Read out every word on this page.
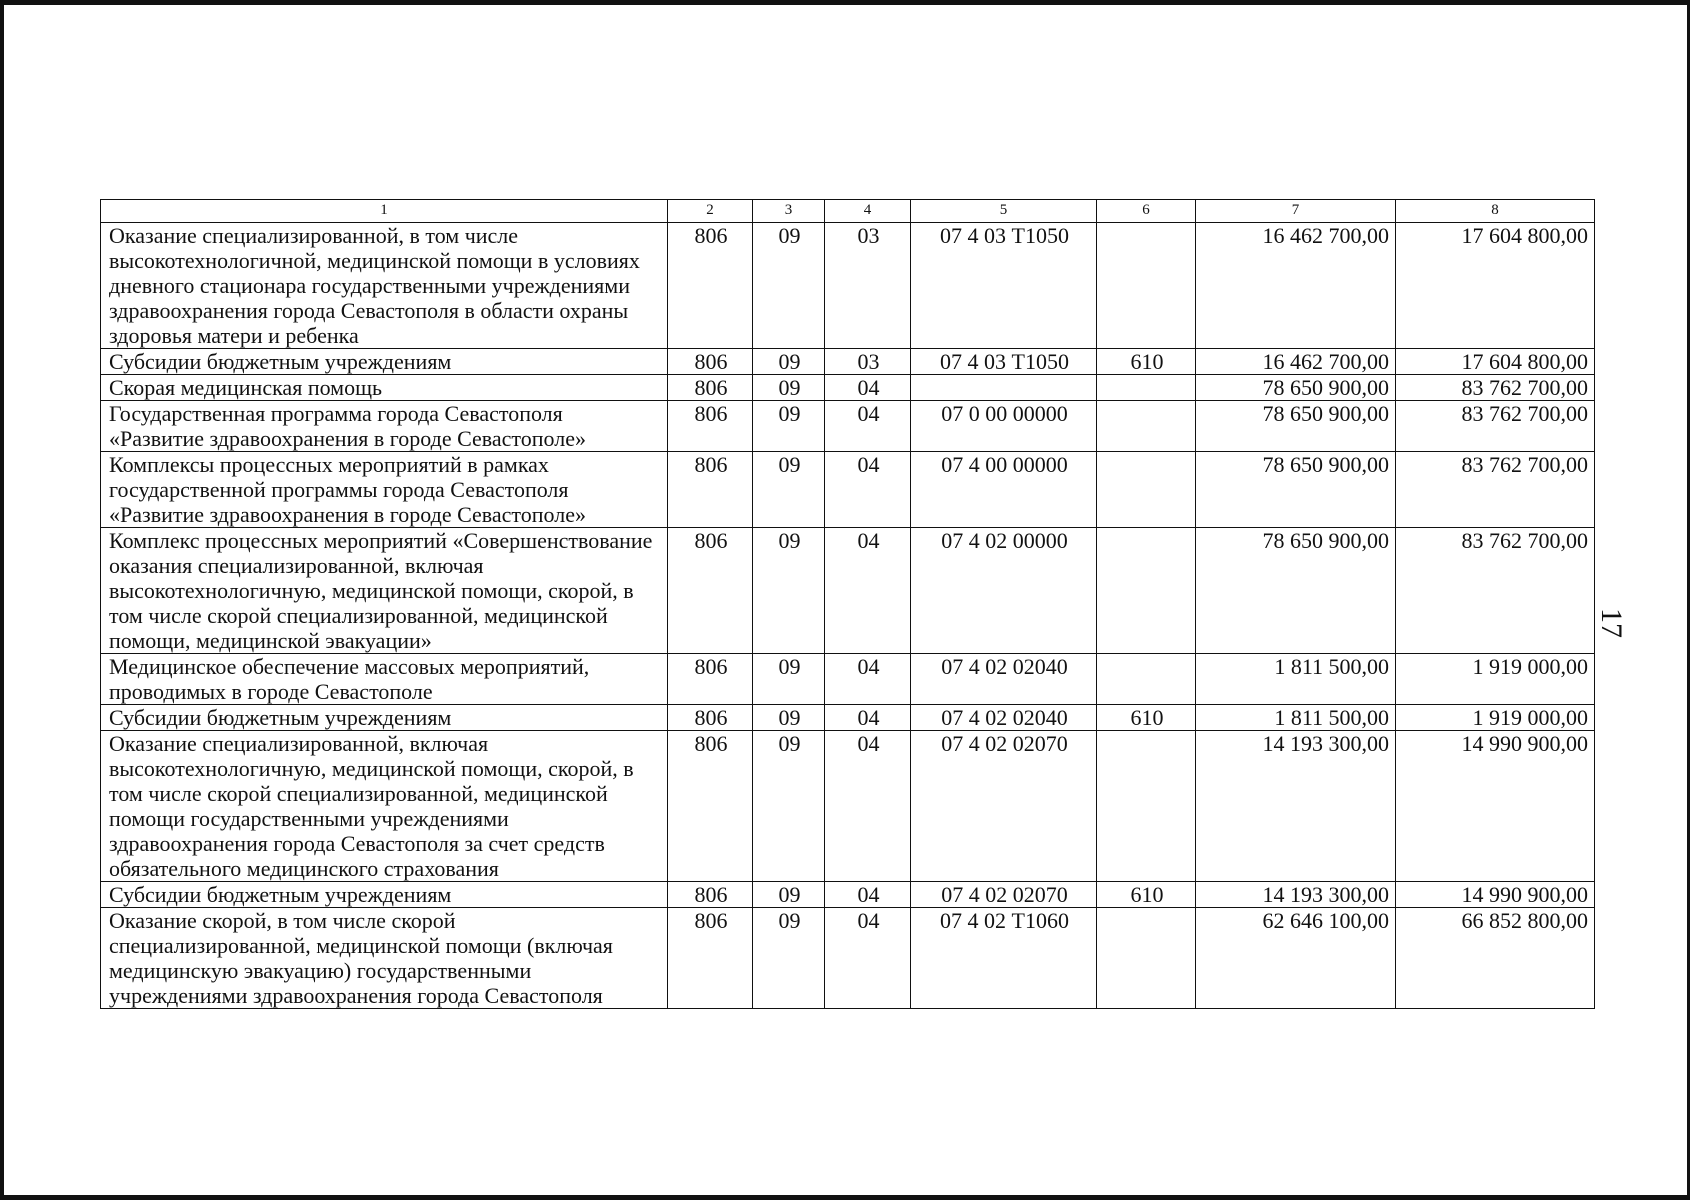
1	2	3	4	5	6	7	8
Оказание специализированной, в том числе высокотехнологичной, медицинской помощи в условиях дневного стационара государственными учреждениями здравоохранения города Севастополя в области охраны здоровья матери и ребенка	806	09	03	07 4 03 Т1050		16 462 700,00	17 604 800,00
Субсидии бюджетным учреждениям	806	09	03	07 4 03 Т1050	610	16 462 700,00	17 604 800,00
Скорая медицинская помощь	806	09	04			78 650 900,00	83 762 700,00
Государственная программа города Севастополя «Развитие здравоохранения в городе Севастополе»	806	09	04	07 0 00 00000		78 650 900,00	83 762 700,00
Комплексы процессных мероприятий в рамках государственной программы города Севастополя «Развитие здравоохранения в городе Севастополе»	806	09	04	07 4 00 00000		78 650 900,00	83 762 700,00
Комплекс процессных мероприятий «Совершенствование оказания специализированной, включая высокотехнологичную, медицинской помощи, скорой, в том числе скорой специализированной, медицинской помощи, медицинской эвакуации»	806	09	04	07 4 02 00000		78 650 900,00	83 762 700,00
Медицинское обеспечение массовых мероприятий, проводимых в городе Севастополе	806	09	04	07 4 02 02040		1 811 500,00	1 919 000,00
Субсидии бюджетным учреждениям	806	09	04	07 4 02 02040	610	1 811 500,00	1 919 000,00
Оказание специализированной, включая высокотехнологичную, медицинской помощи, скорой, в том числе скорой специализированной, медицинской помощи государственными учреждениями здравоохранения города Севастополя за счет средств обязательного медицинского страхования	806	09	04	07 4 02 02070		14 193 300,00	14 990 900,00
Субсидии бюджетным учреждениям	806	09	04	07 4 02 02070	610	14 193 300,00	14 990 900,00
Оказание скорой, в том числе скорой специализированной, медицинской помощи (включая медицинскую эвакуацию) государственными учреждениями здравоохранения города Севастополя	806	09	04	07 4 02 Т1060		62 646 100,00	66 852 800,00
17
